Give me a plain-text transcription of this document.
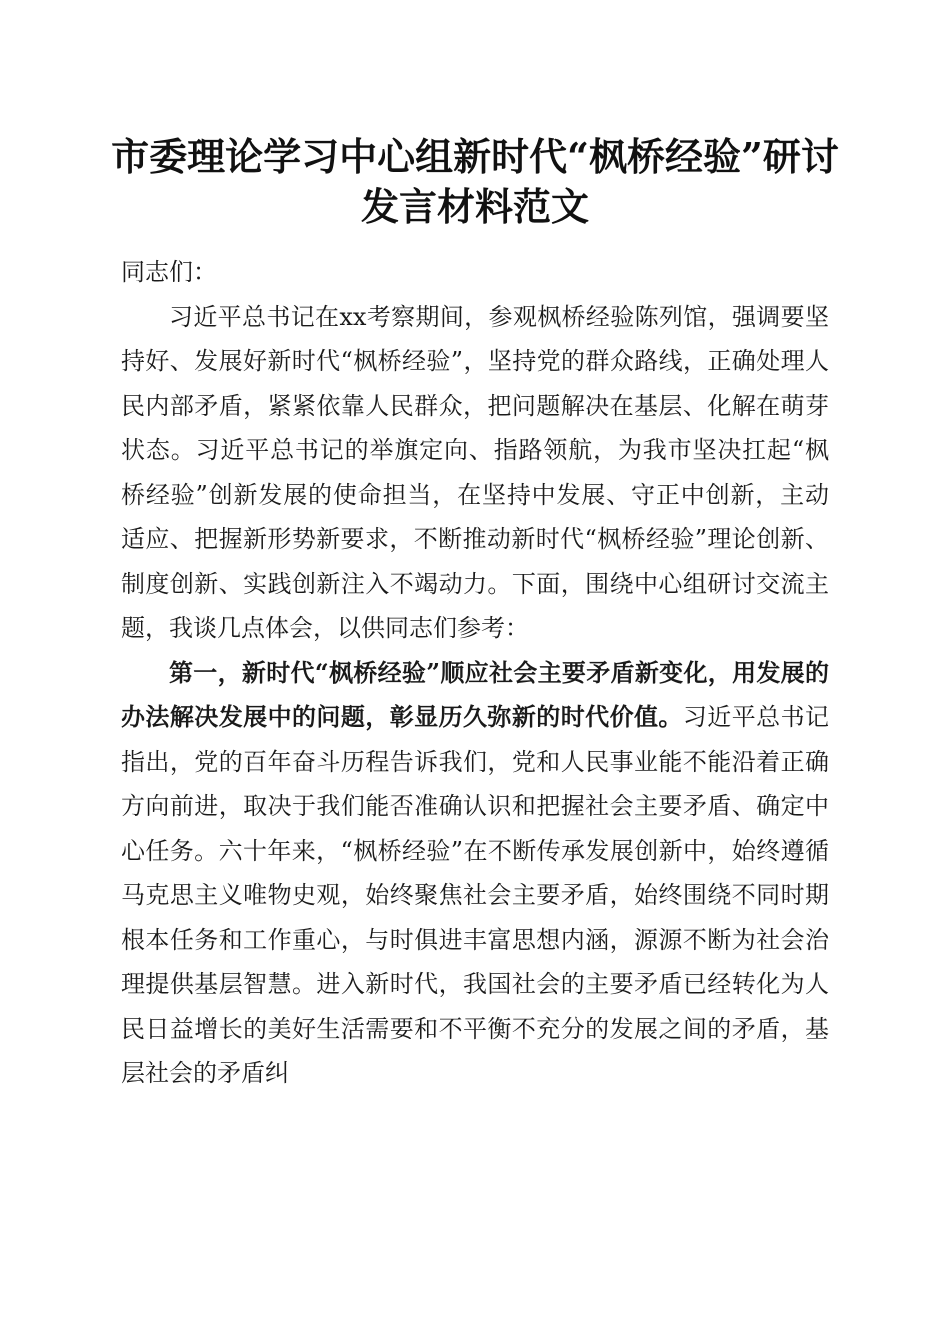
市委理论学习中心组新时代“枫桥经验”研讨
发言材料范文

同志们：

习近平总书记在xx考察期间，参观枫桥经验陈列馆，强调要坚持好、发展好新时代“枫桥经验”，坚持党的群众路线，正确处理人民内部矛盾，紧紧依靠人民群众，把问题解决在基层、化解在萌芽状态。习近平总书记的举旗定向、指路领航，为我市坚决扛起“枫桥经验”创新发展的使命担当，在坚持中发展、守正中创新，主动适应、把握新形势新要求，不断推动新时代“枫桥经验”理论创新、制度创新、实践创新注入不竭动力。下面，围绕中心组研讨交流主题，我谈几点体会，以供同志们参考：

第一，新时代“枫桥经验”顺应社会主要矛盾新变化，用发展的办法解决发展中的问题，彰显历久弥新的时代价值。习近平总书记指出，党的百年奋斗历程告诉我们，党和人民事业能不能沿着正确方向前进，取决于我们能否准确认识和把握社会主要矛盾、确定中心任务。六十年来，“枫桥经验”在不断传承发展创新中，始终遵循马克思主义唯物史观，始终聚焦社会主要矛盾，始终围绕不同时期根本任务和工作重心，与时俱进丰富思想内涵，源源不断为社会治理提供基层智慧。进入新时代，我国社会的主要矛盾已经转化为人民日益增长的美好生活需要和不平衡不充分的发展之间的矛盾，基层社会的矛盾纠
